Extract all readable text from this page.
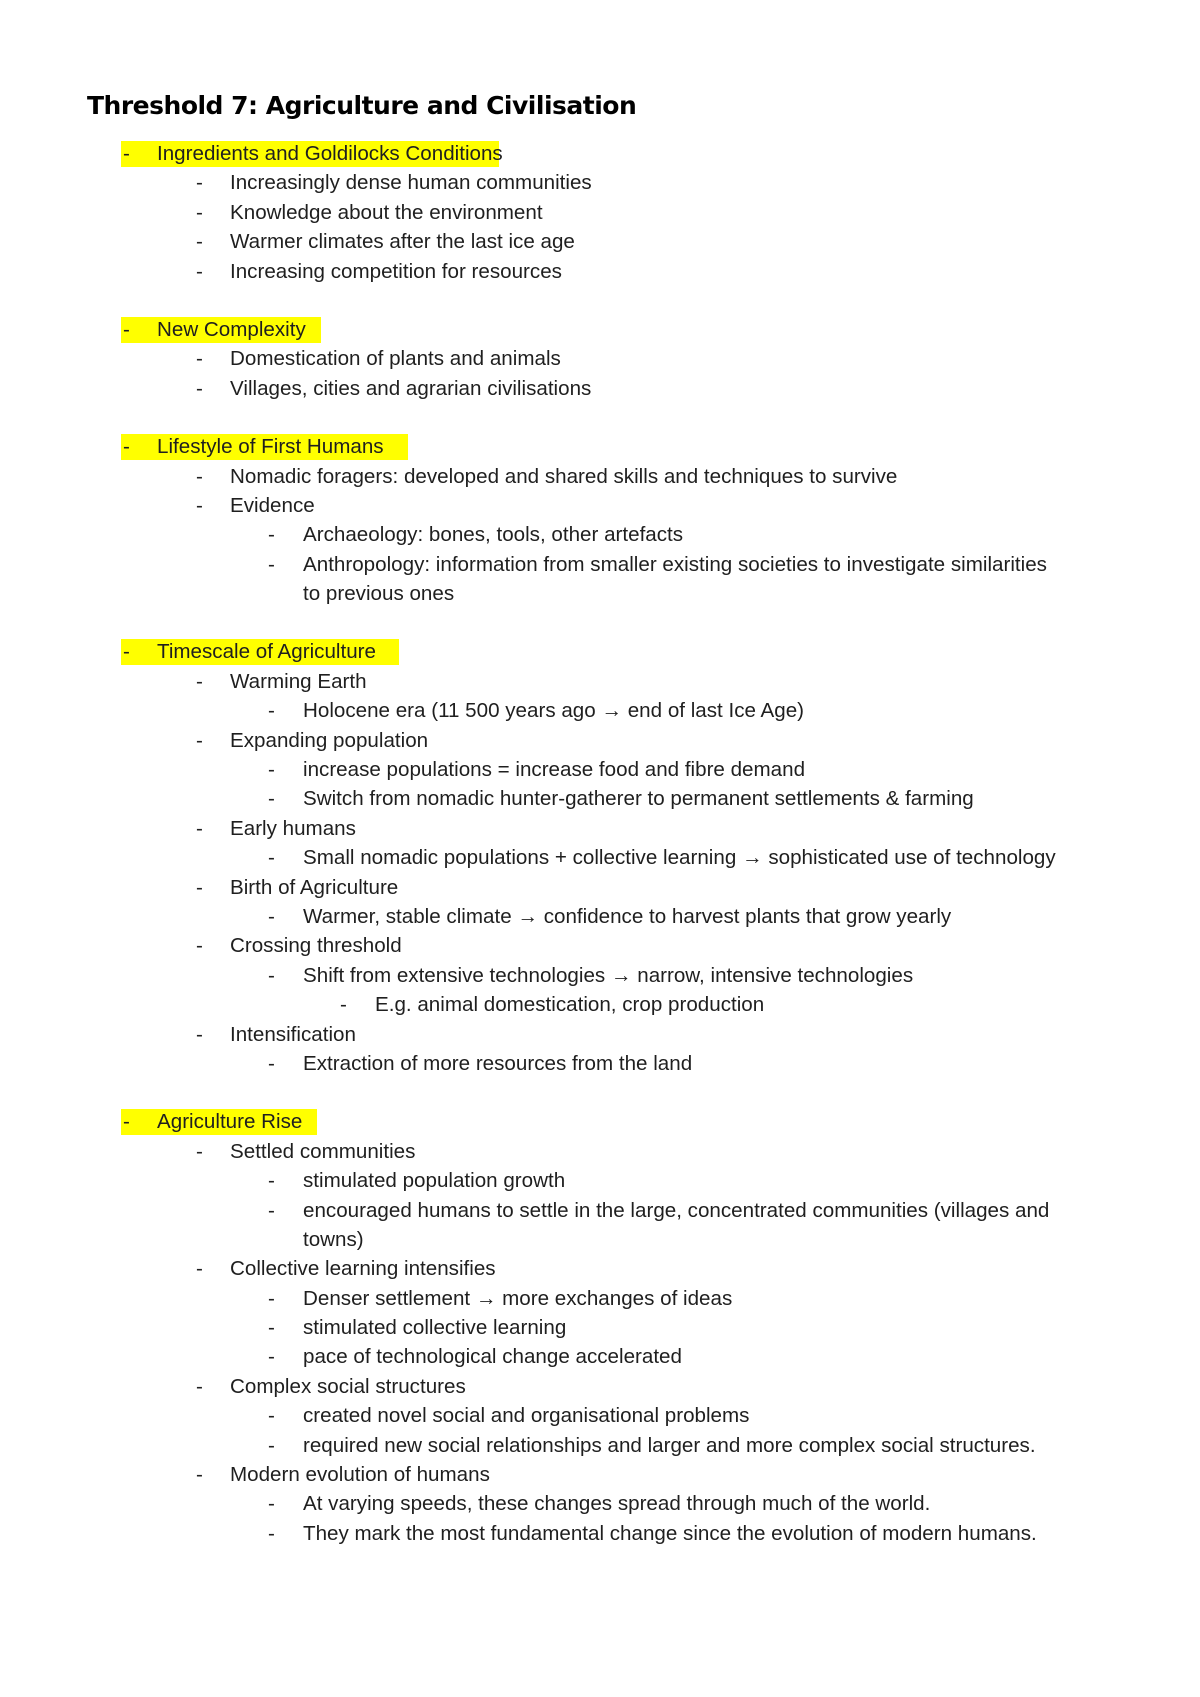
Threshold 7: Agriculture and Civilisation
- Ingredients and Goldilocks Conditions
- Increasingly dense human communities
- Knowledge about the environment
- Warmer climates after the last ice age
- Increasing competition for resources
- New Complexity
- Domestication of plants and animals
- Villages, cities and agrarian civilisations
- Lifestyle of First Humans
- Nomadic foragers: developed and shared skills and techniques to survive
- Evidence
- Archaeology: bones, tools, other artefacts
- Anthropology: information from smaller existing societies to investigate similarities
to previous ones
- Timescale of Agriculture
- Warming Earth
- Holocene era (11 500 years ago → end of last Ice Age)
- Expanding population
- increase populations = increase food and fibre demand
- Switch from nomadic hunter-gatherer to permanent settlements & farming
- Early humans
- Small nomadic populations + collective learning → sophisticated use of technology
- Birth of Agriculture
- Warmer, stable climate → confidence to harvest plants that grow yearly
- Crossing threshold
- Shift from extensive technologies → narrow, intensive technologies
- E.g. animal domestication, crop production
- Intensification
- Extraction of more resources from the land
- Agriculture Rise
- Settled communities
- stimulated population growth
- encouraged humans to settle in the large, concentrated communities (villages and
towns)
- Collective learning intensifies
- Denser settlement → more exchanges of ideas
- stimulated collective learning
- pace of technological change accelerated
- Complex social structures
- created novel social and organisational problems
- required new social relationships and larger and more complex social structures.
- Modern evolution of humans
- At varying speeds, these changes spread through much of the world.
- They mark the most fundamental change since the evolution of modern humans.
